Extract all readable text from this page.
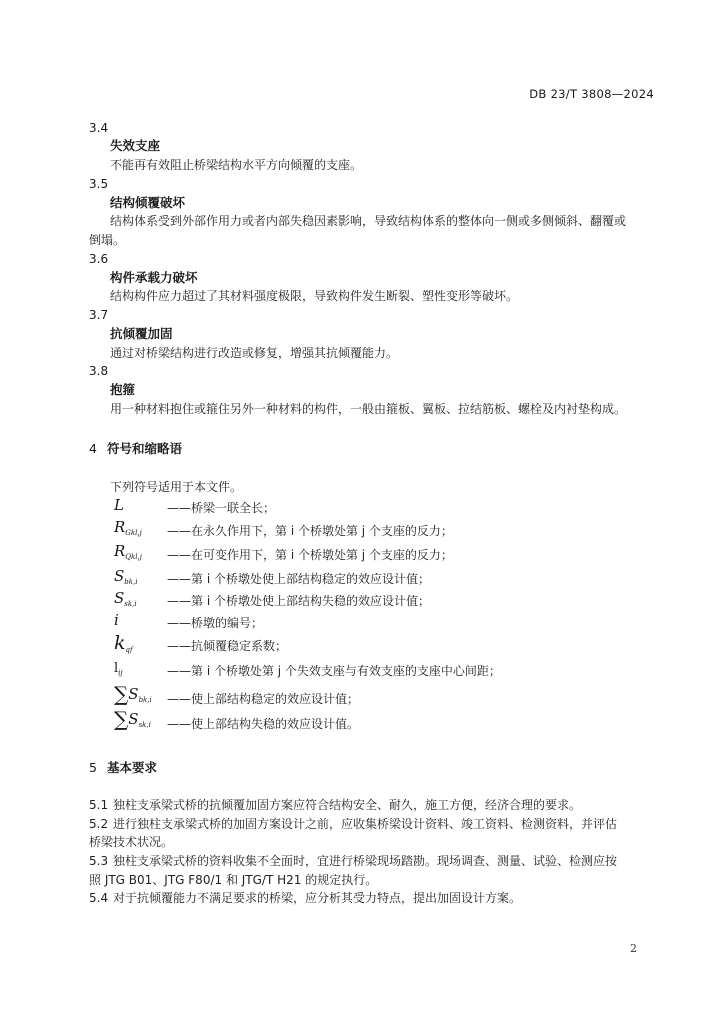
DB 23/T 3808—2024
3.4
失效支座
不能再有效阻止桥梁结构水平方向倾覆的支座。
3.5
结构倾覆破坏
结构体系受到外部作用力或者内部失稳因素影响，导致结构体系的整体向一侧或多侧倾斜、翻覆或
倒塌。
3.6
构件承载力破坏
结构构件应力超过了其材料强度极限，导致构件发生断裂、塑性变形等破坏。
3.7
抗倾覆加固
通过对桥梁结构进行改造或修复，增强其抗倾覆能力。
3.8
抱箍
用一种材料抱住或箍住另外一种材料的构件，一般由箍板、翼板、拉结筋板、螺栓及内衬垫构成。
4 符号和缩略语
下列符号适用于本文件。
L	——桥梁一联全长；
$R_{Gkl,j}$ ——在永久作用下，第 i 个桥墩处第 j 个支座的反力；
$R_{Qkl,j}$ ——在可变作用下，第 i 个桥墩处第 j 个支座的反力；
$S_{bk,i}$ ——第 i 个桥墩处使上部结构稳定的效应设计值；
$S_{sk,i}$	——第 i 个桥墩处使上部结构失稳的效应设计值；
i	——桥墩的编号；
$k_{qf}$	——抗倾覆稳定系数；
$l_{ij}$	——第 i 个桥墩处第 j 个失效支座与有效支座的支座中心间距；
$\sum S_{bk,i}$ ——使上部结构稳定的效应设计值；
$\sum S_{sk,i}$ ——使上部结构失稳的效应设计值。
5 基本要求
5.1 独柱支承梁式桥的抗倾覆加固方案应符合结构安全、耐久，施工方便，经济合理的要求。
5.2 进行独柱支承梁式桥的加固方案设计之前，应收集桥梁设计资料、竣工资料、检测资料，并评估
桥梁技术状况。
5.3 独柱支承梁式桥的资料收集不全面时，宜进行桥梁现场踏勘。现场调查、测量、试验、检测应按
照 JTG B01、JTG F80/1 和 JTG/T H21 的规定执行。
5.4 对于抗倾覆能力不满足要求的桥梁，应分析其受力特点，提出加固设计方案。
2
